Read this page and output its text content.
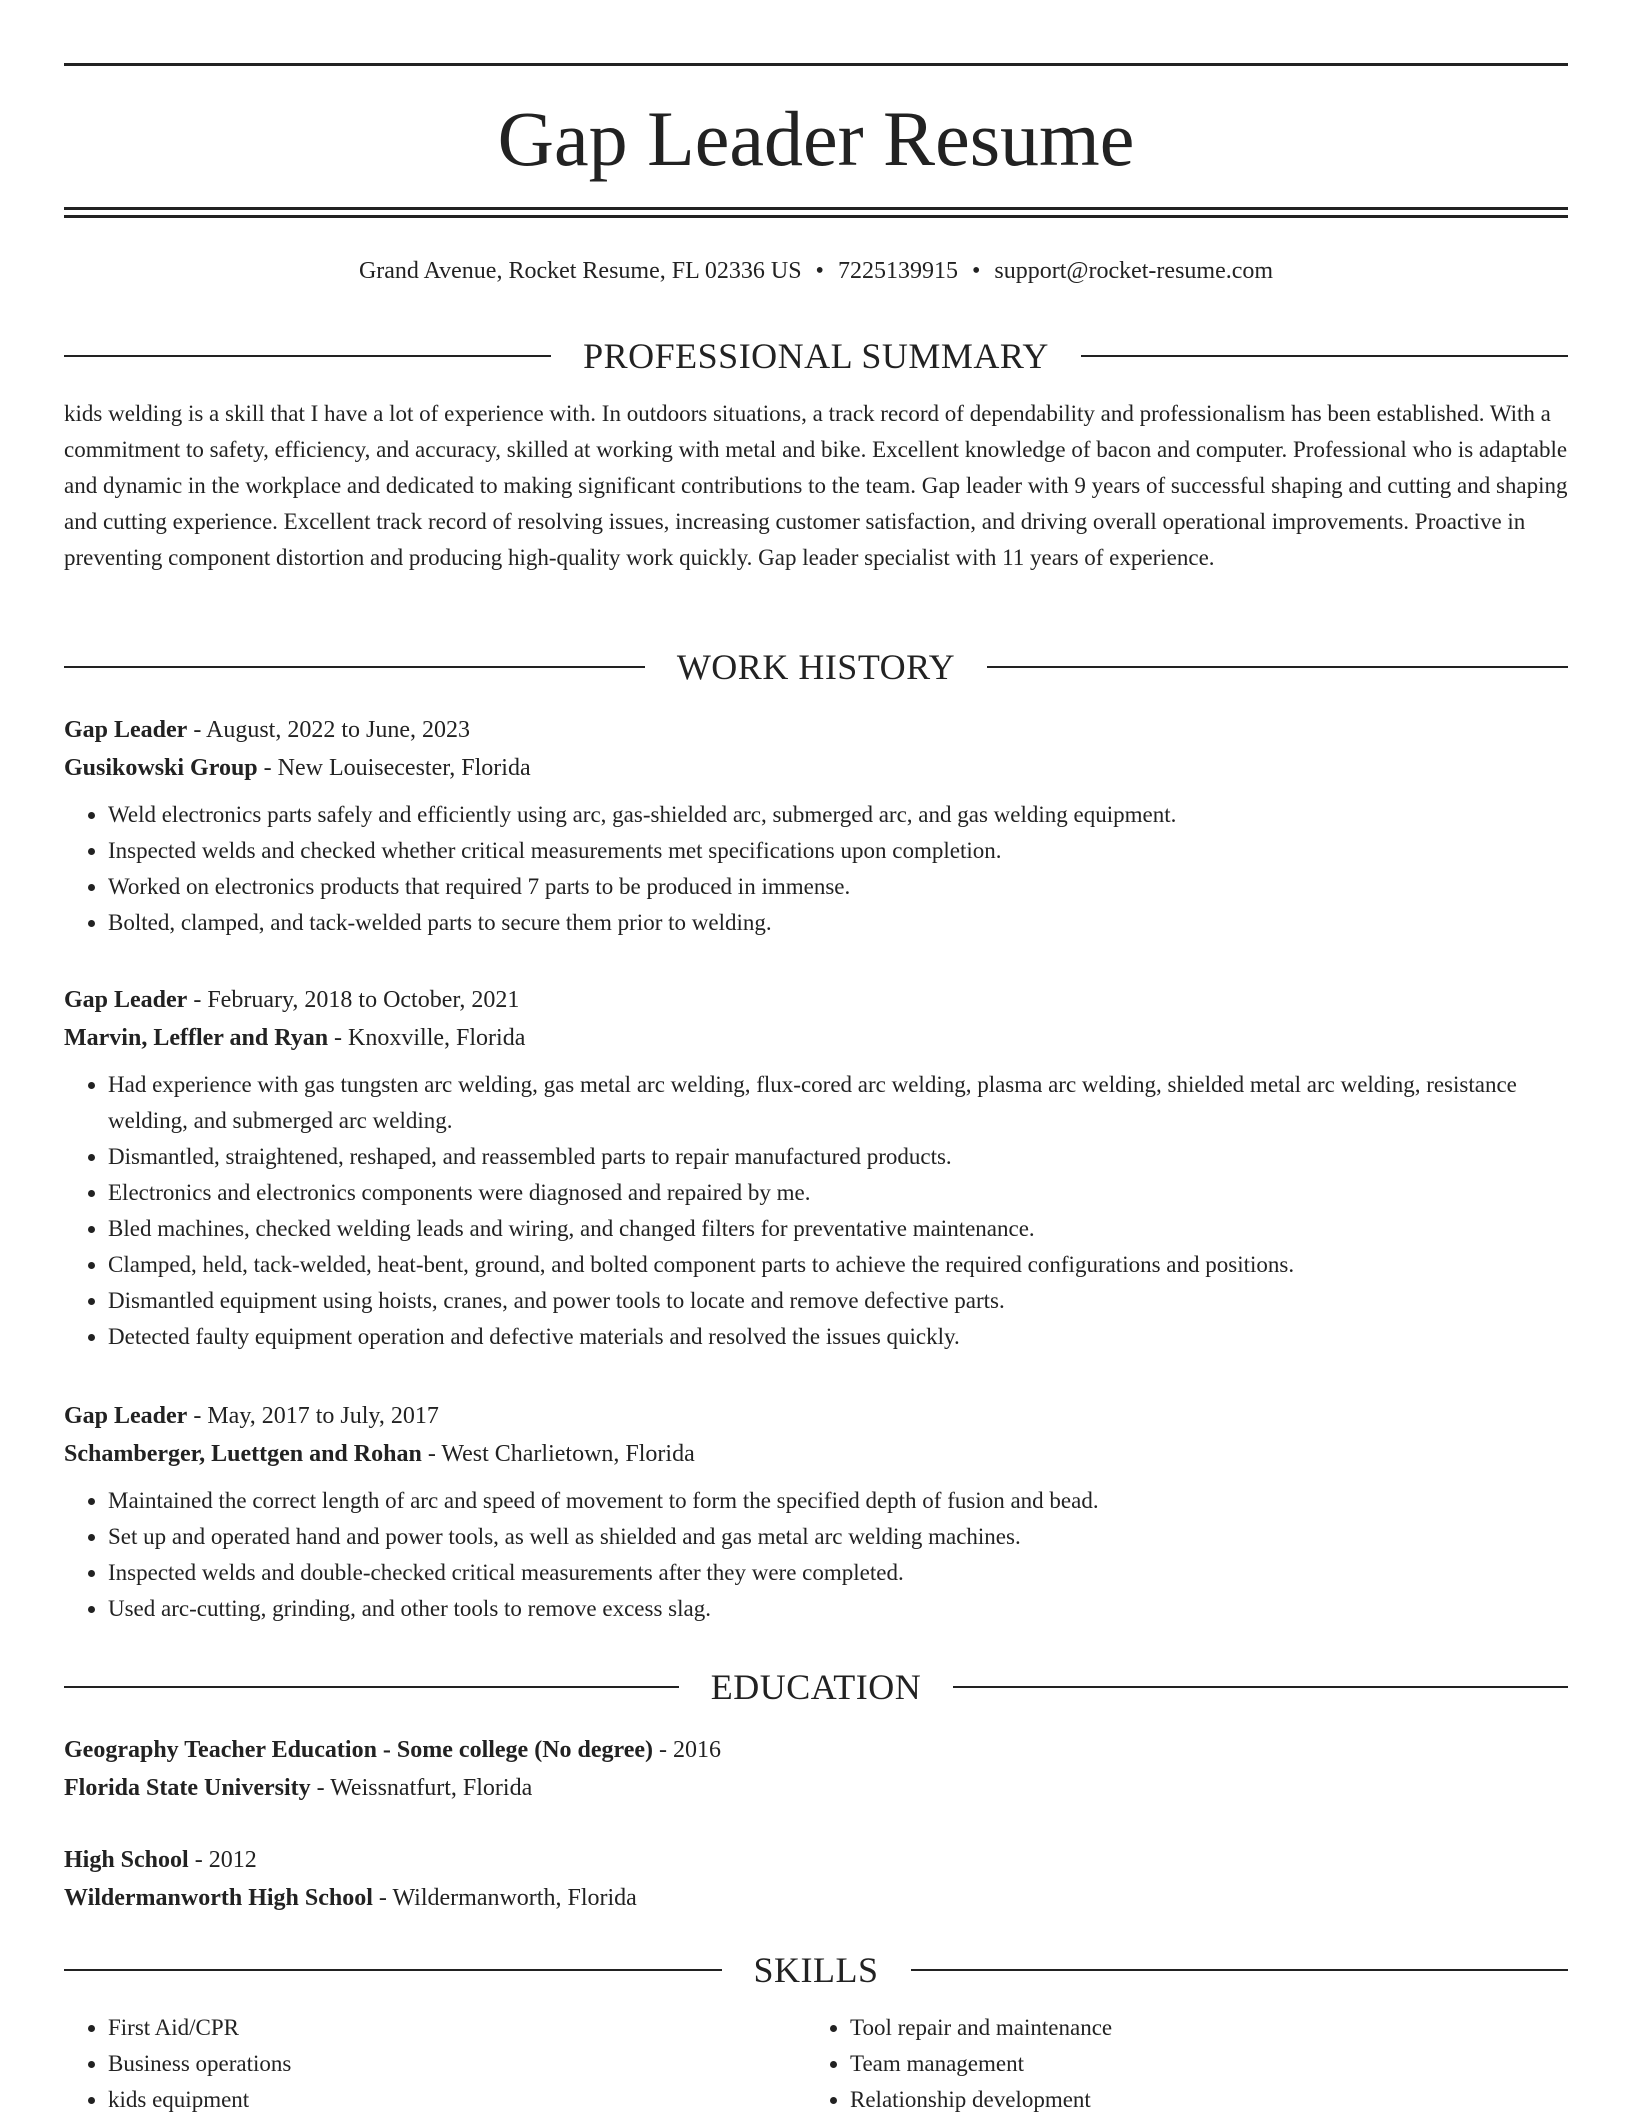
Gap Leader Resume
Grand Avenue, Rocket Resume, FL 02336 US • 7225139915 • support@rocket-resume.com
PROFESSIONAL SUMMARY

kids welding is a skill that I have a lot of experience with. In outdoors situations, a track record of dependability and professionalism has been established. With a commitment to safety, efficiency, and accuracy, skilled at working with metal and bike. Excellent knowledge of bacon and computer. Professional who is adaptable and dynamic in the workplace and dedicated to making significant contributions to the team. Gap leader with 9 years of successful shaping and cutting and shaping and cutting experience. Excellent track record of resolving issues, increasing customer satisfaction, and driving overall operational improvements. Proactive in preventing component distortion and producing high-quality work quickly. Gap leader specialist with 11 years of experience.

WORK HISTORY
Gap Leader - August, 2022 to June, 2023
Gusikowski Group - New Louisecester, Florida
• Weld electronics parts safely and efficiently using arc, gas-shielded arc, submerged arc, and gas welding equipment.
• Inspected welds and checked whether critical measurements met specifications upon completion.
• Worked on electronics products that required 7 parts to be produced in immense.
• Bolted, clamped, and tack-welded parts to secure them prior to welding.
Gap Leader - February, 2018 to October, 2021
Marvin, Leffler and Ryan - Knoxville, Florida
• Had experience with gas tungsten arc welding, gas metal arc welding, flux-cored arc welding, plasma arc welding, shielded metal arc welding, resistance welding, and submerged arc welding.
• Dismantled, straightened, reshaped, and reassembled parts to repair manufactured products.
• Electronics and electronics components were diagnosed and repaired by me.
• Bled machines, checked welding leads and wiring, and changed filters for preventative maintenance.
• Clamped, held, tack-welded, heat-bent, ground, and bolted component parts to achieve the required configurations and positions.
• Dismantled equipment using hoists, cranes, and power tools to locate and remove defective parts.
• Detected faulty equipment operation and defective materials and resolved the issues quickly.
Gap Leader - May, 2017 to July, 2017
Schamberger, Luettgen and Rohan - West Charlietown, Florida
• Maintained the correct length of arc and speed of movement to form the specified depth of fusion and bead.
• Set up and operated hand and power tools, as well as shielded and gas metal arc welding machines.
• Inspected welds and double-checked critical measurements after they were completed.
• Used arc-cutting, grinding, and other tools to remove excess slag.
EDUCATION
Geography Teacher Education - Some college (No degree) - 2016
Florida State University - Weissnatfurt, Florida
High School - 2012
Wildermanworth High School - Wildermanworth, Florida
SKILLS
• First Aid/CPR
• Business operations
• kids equipment
• Tool repair and maintenance
• Team management
• Relationship development
